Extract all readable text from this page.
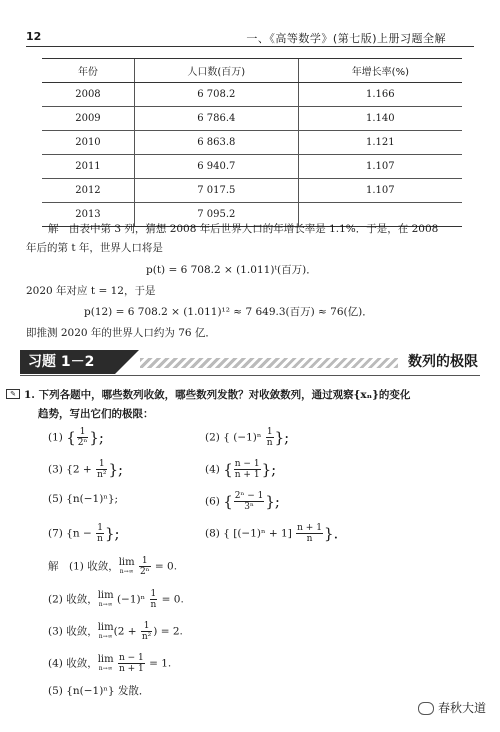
12	一、《高等数学》(第七版)上册习题全解
年份	人口数(百万)	年增长率(%)
2008	6 708.2	1.166
2009	6 786.4	1.140
2010	6 863.8	1.121
2011	6 940.7	1.107
2012	7 017.5	1.107
2013	7 095.2	
解　由表中第 3 列，猜想 2008 年后世界人口的年增长率是 1.1%．于是，在 2008
年后的第 t 年，世界人口将是
p(t) = 6 708.2 × (1.011)ᵗ(百万)．
2020 年对应 t = 12，于是
p(12) = 6 708.2 × (1.011)¹² ≈ 7 649.3(百万) ≈ 76(亿)．
即推测 2020 年的世界人口约为 76 亿．
习题 1－2	数列的极限
✎ 1. 下列各题中，哪些数列收敛，哪些数列发散？对收敛数列，通过观察{xₙ}的变化
趋势，写出它们的极限：
(1) { $\frac{1}{\text{2ⁿ}}$ };	(2) { $(-1)^n \frac{1}{n}$ };
(3) {$2 + \frac{1}{\text{n²}}$ };	(4) { $\frac{n - 1}{n + 1}$ };
(5) {n(−1)ⁿ};	(6) { $\frac{\text{2ⁿ − 1}}{\text{3ⁿ}}$ };
(7) {$n - \frac{1}{n}$ };	(8) { $[(-1)^n + 1] \frac{n + 1}{n}$ }.
解　(1) 收敛，lim
n→∞
$\frac{1}{\text{2ⁿ}} = 0$.
(2) 收敛，lim
n→∞ $(-1)^n \frac{1}{n} = 0$.
(3) 收敛，lim
n→∞ ($2 + \frac{1}{\text{n²}}$ ) = 2.
(4) 收敛，lim
n→∞
$\frac{n - 1}{n + 1} = 1$.
(5) {n(−1)ⁿ} 发散．
春秋大道
